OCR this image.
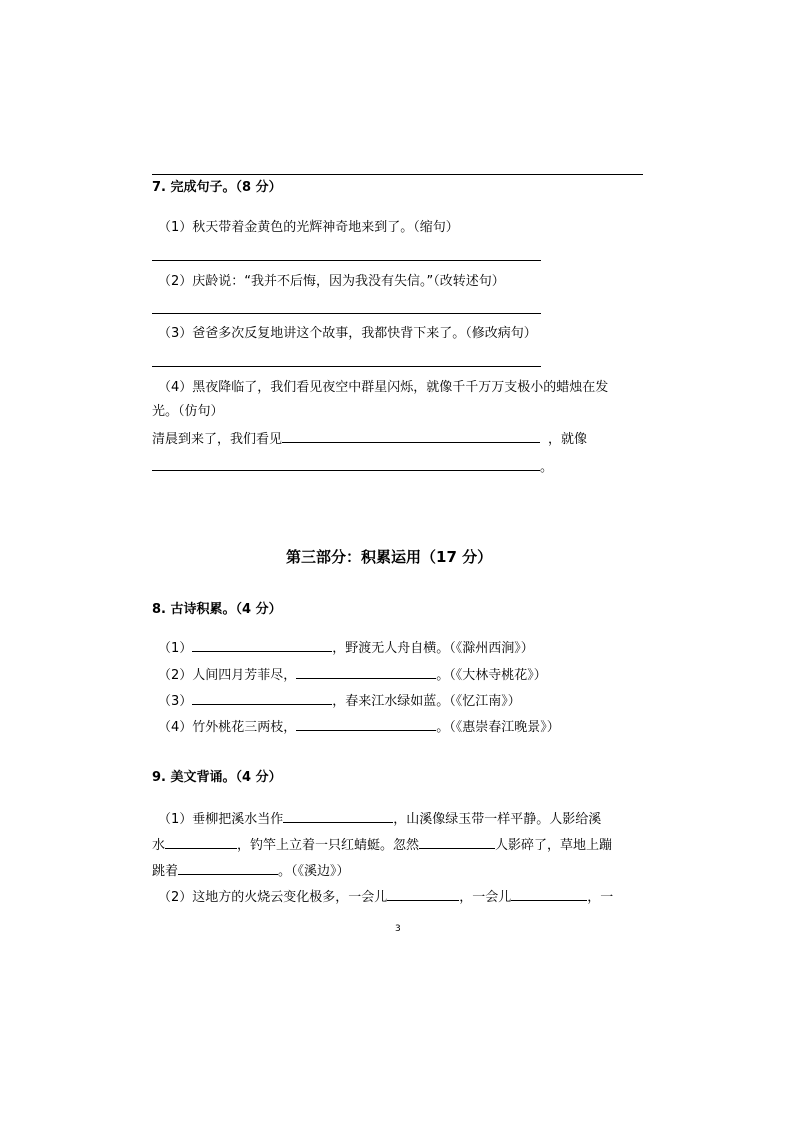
7. 完成句子。（8 分）
（1）秋天带着金黄色的光辉神奇地来到了。（缩句）
（2）庆龄说：“我并不后悔，因为我没有失信。”（改转述句）
（3）爸爸多次反复地讲这个故事，我都快背下来了。（修改病句）
（4）黑夜降临了，我们看见夜空中群星闪烁，就像千千万万支极小的蜡烛在发
光。（仿句）
清晨到来了，我们看见	，就像
。
第三部分：积累运用（17 分）
8. 古诗积累。（4 分）
（1）	，野渡无人舟自横。（《滁州西涧》）
（2）人间四月芳菲尽，	。（《大林寺桃花》）
（3）	，春来江水绿如蓝。（《忆江南》）
（4）竹外桃花三两枝，	。（《惠崇春江晚景》）
9. 美文背诵。（4 分）
（1）垂柳把溪水当作	，山溪像绿玉带一样平静。人影给溪
水	，钓竿上立着一只红蜻蜓。忽然	人影碎了，草地上蹦
跳着	。（《溪边》）
（2）这地方的火烧云变化极多，一会儿	，一会儿	，一
3
